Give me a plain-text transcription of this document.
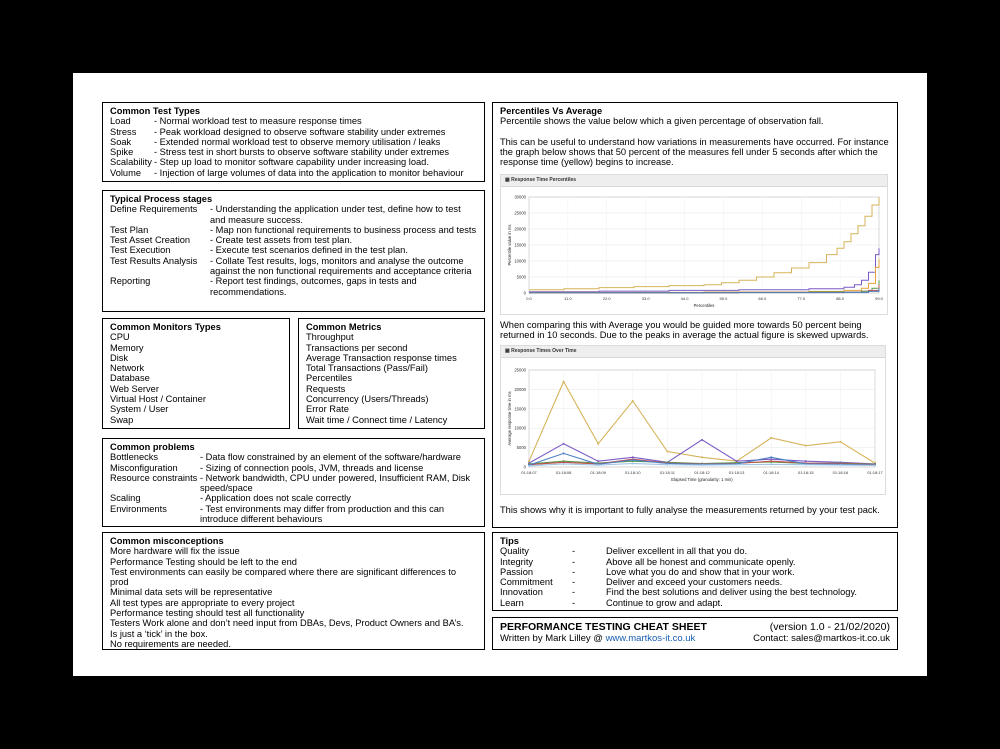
Common Test Types
Load	- Normal workload test to measure response times
Stress	- Peak workload designed to observe software stability under extremes
Soak	- Extended normal workload test to observe memory utilisation / leaks
Spike	- Stress test in short bursts to observe software stability under extremes
Scalability - Step up load to monitor software capability under increasing load.
Volume	- Injection of large volumes of data into the application to monitor behaviour
Typical Process stages
Define Requirements	- Understanding the application under test, define how to test and measure success.
Test Plan	- Map non functional requirements to business process and tests
Test Asset Creation	- Create test assets from test plan.
Test Execution	- Execute test scenarios defined in the test plan.
Test Results Analysis	- Collate Test results, logs, monitors and analyse the outcome against the non functional requirements and acceptance criteria
Reporting	- Report test findings, outcomes, gaps in tests and recommendations.
Common Monitors Types
CPU
Memory
Disk
Network
Database
Web Server
Virtual Host / Container
System / User
Swap
Common Metrics
Throughput
Transactions per second
Average Transaction response times
Total Transactions (Pass/Fail)
Percentiles
Requests
Concurrency (Users/Threads)
Error Rate
Wait time / Connect time / Latency
Common problems
Bottlenecks	- Data flow constrained by an element of the software/hardware
Misconfiguration	- Sizing of connection pools, JVM, threads and license
Resource constraints - Network bandwidth, CPU under powered, Insufficient RAM, Disk speed/space
Scaling	- Application does not scale correctly
Environments	- Test environments may differ from production and this can introduce different behaviours
Common misconceptions
More hardware will fix the issue
Performance Testing should be left to the end
Test environments can easily be compared where there are significant differences to prod
Minimal data sets will be representative
All test types are appropriate to every project
Performance testing should test all functionality
Testers Work alone and don’t need input from DBAs, Devs, Product Owners and BA’s.
Is just a ‘tick’ in the box.
No requirements are needed.
Percentiles Vs Average
Percentile shows the value below which a given percentage of observation fall.
This can be useful to understand how variations in measurements have occurred. For instance the graph below shows that 50 percent of the measures fell under 5 seconds after which the response time (yellow) begins to increase.
▦ Response Time Percentiles
0
5000
10000
15000
20000
25000
30000
0.0	11.0	22.0	33.0	44.0	55.0	66.0	77.0	88.0	99.0
Percentiles
Percentile value in ms
When comparing this with Average you would be guided more towards 50 percent being returned in 10 seconds. Due to the peaks in average the actual figure is skewed upwards.
▦ Response Times Over Time
0
5000
10000
15000
20000
25000
01:18:07	01:18:08	01:18:09	01:18:10	01:18:11	01:18:12	01:18:13	01:18:14	01:18:15	01:18:16	01:18:17
Elapsed Time (granularity: 1 min)
Average response time in ms
This shows why it is important to fully analyse the measurements returned by your test pack.
Tips
Quality	-	Deliver excellent in all that you do.
Integrity	-	Above all be honest and communicate openly.
Passion	-	Love what you do and show that in your work.
Commitment	-	Deliver and exceed your customers needs.
Innovation	-	Find the best solutions and deliver using the best technology.
Learn	-	Continue to grow and adapt.
PERFORMANCE TESTING CHEAT SHEET	(version 1.0 - 21/02/2020)
Written by Mark Lilley @ www.martkos-it.co.uk	Contact: sales@martkos-it.co.uk
